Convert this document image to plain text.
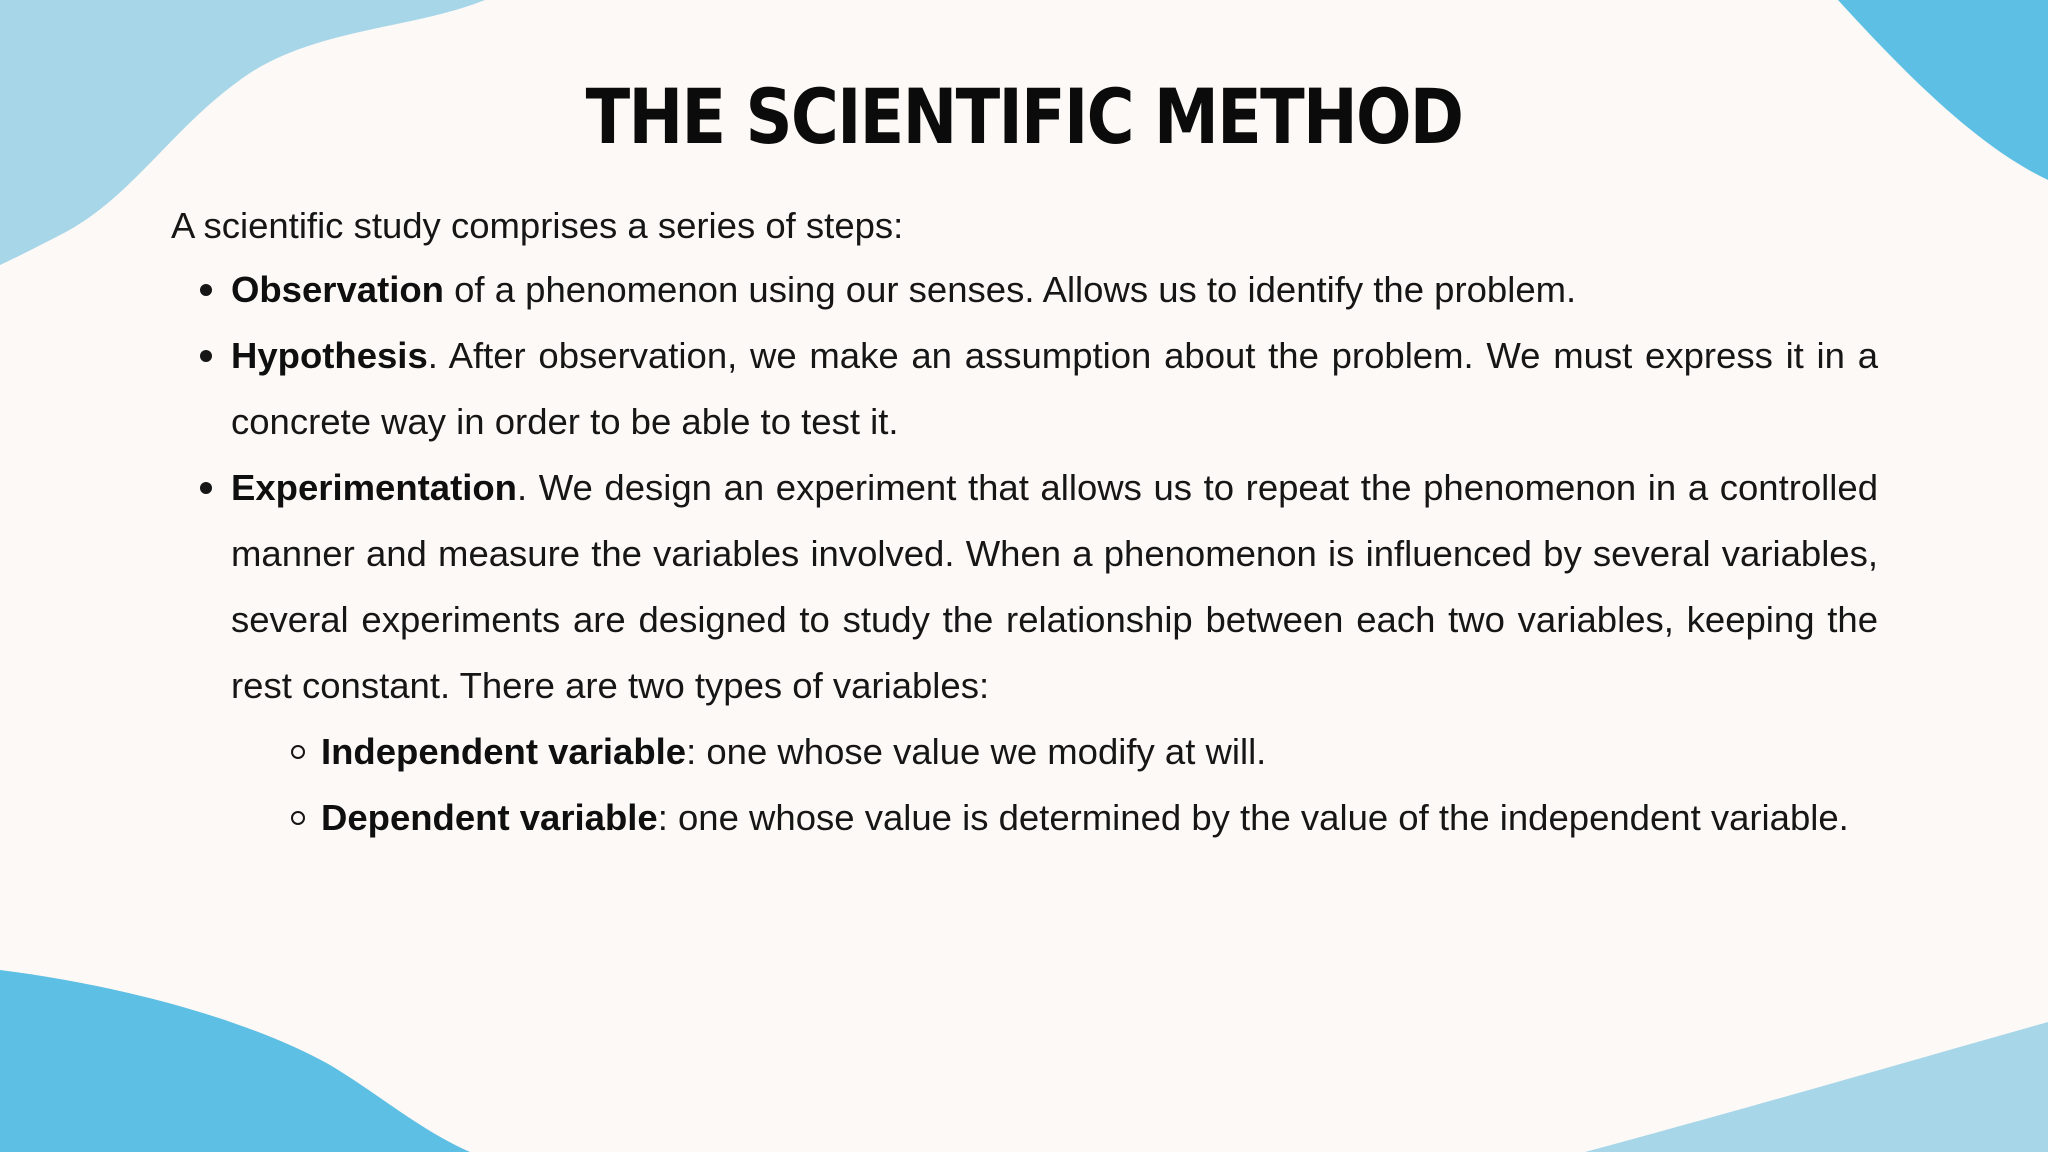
THE SCIENTIFIC METHOD

A scientific study comprises a series of steps:

Observation of a phenomenon using our senses. Allows us to identify the problem.
Hypothesis. After observation, we make an assumption about the problem. We must express it in a concrete way in order to be able to test it.
Experimentation. We design an experiment that allows us to repeat the phenomenon in a controlled manner and measure the variables involved. When a phenomenon is influenced by several variables, several experiments are designed to study the relationship between each two variables, keeping the rest constant. There are two types of variables:
Independent variable: one whose value we modify at will.
Dependent variable: one whose value is determined by the value of the independent variable.
